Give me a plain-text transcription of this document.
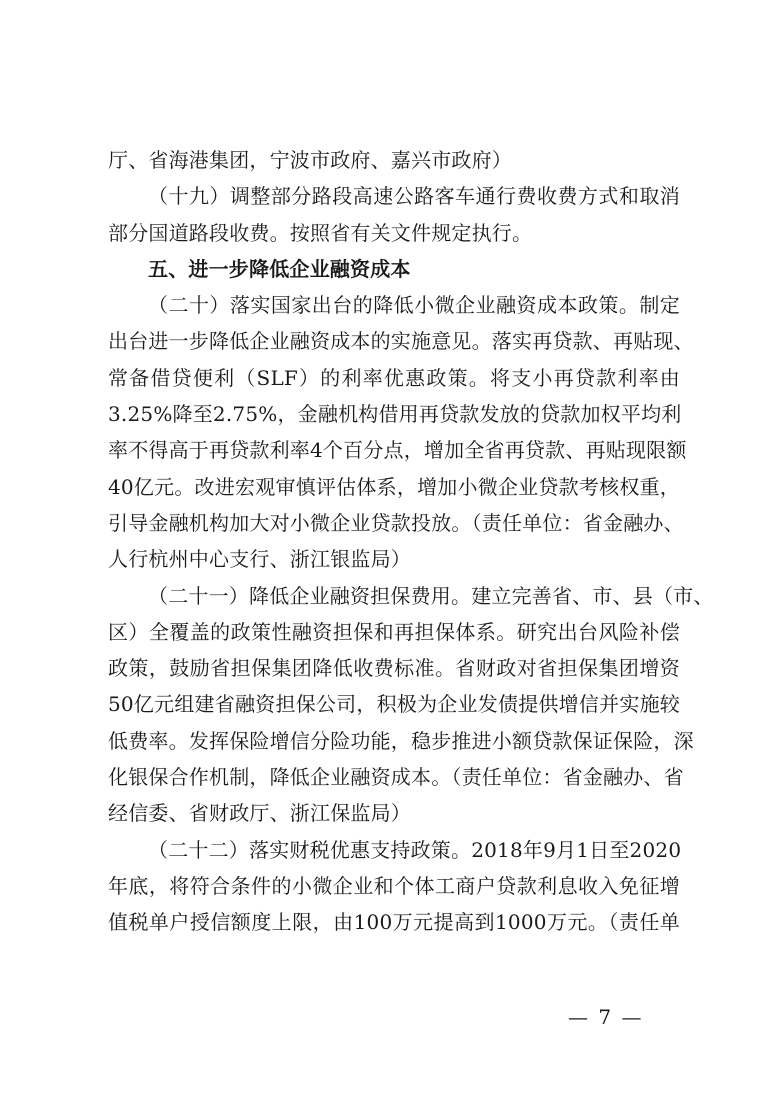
厅、省海港集团，宁波市政府、嘉兴市政府）
（十九）调整部分路段高速公路客车通行费收费方式和取消
部分国道路段收费。按照省有关文件规定执行。
五、进一步降低企业融资成本
（二十）落实国家出台的降低小微企业融资成本政策。制定
出台进一步降低企业融资成本的实施意见。落实再贷款、再贴现、
常备借贷便利（SLF）的利率优惠政策。将支小再贷款利率由
3.25%降至2.75%，金融机构借用再贷款发放的贷款加权平均利
率不得高于再贷款利率4个百分点，增加全省再贷款、再贴现限额
40亿元。改进宏观审慎评估体系，增加小微企业贷款考核权重，
引导金融机构加大对小微企业贷款投放。（责任单位：省金融办、
人行杭州中心支行、浙江银监局）
（二十一）降低企业融资担保费用。建立完善省、市、县（市、
区）全覆盖的政策性融资担保和再担保体系。研究出台风险补偿
政策，鼓励省担保集团降低收费标准。省财政对省担保集团增资
50亿元组建省融资担保公司，积极为企业发债提供增信并实施较
低费率。发挥保险增信分险功能，稳步推进小额贷款保证保险，深
化银保合作机制，降低企业融资成本。（责任单位：省金融办、省
经信委、省财政厅、浙江保监局）
（二十二）落实财税优惠支持政策。2018年9月1日至2020
年底，将符合条件的小微企业和个体工商户贷款利息收入免征增
值税单户授信额度上限，由100万元提高到1000万元。（责任单
— 7 —
